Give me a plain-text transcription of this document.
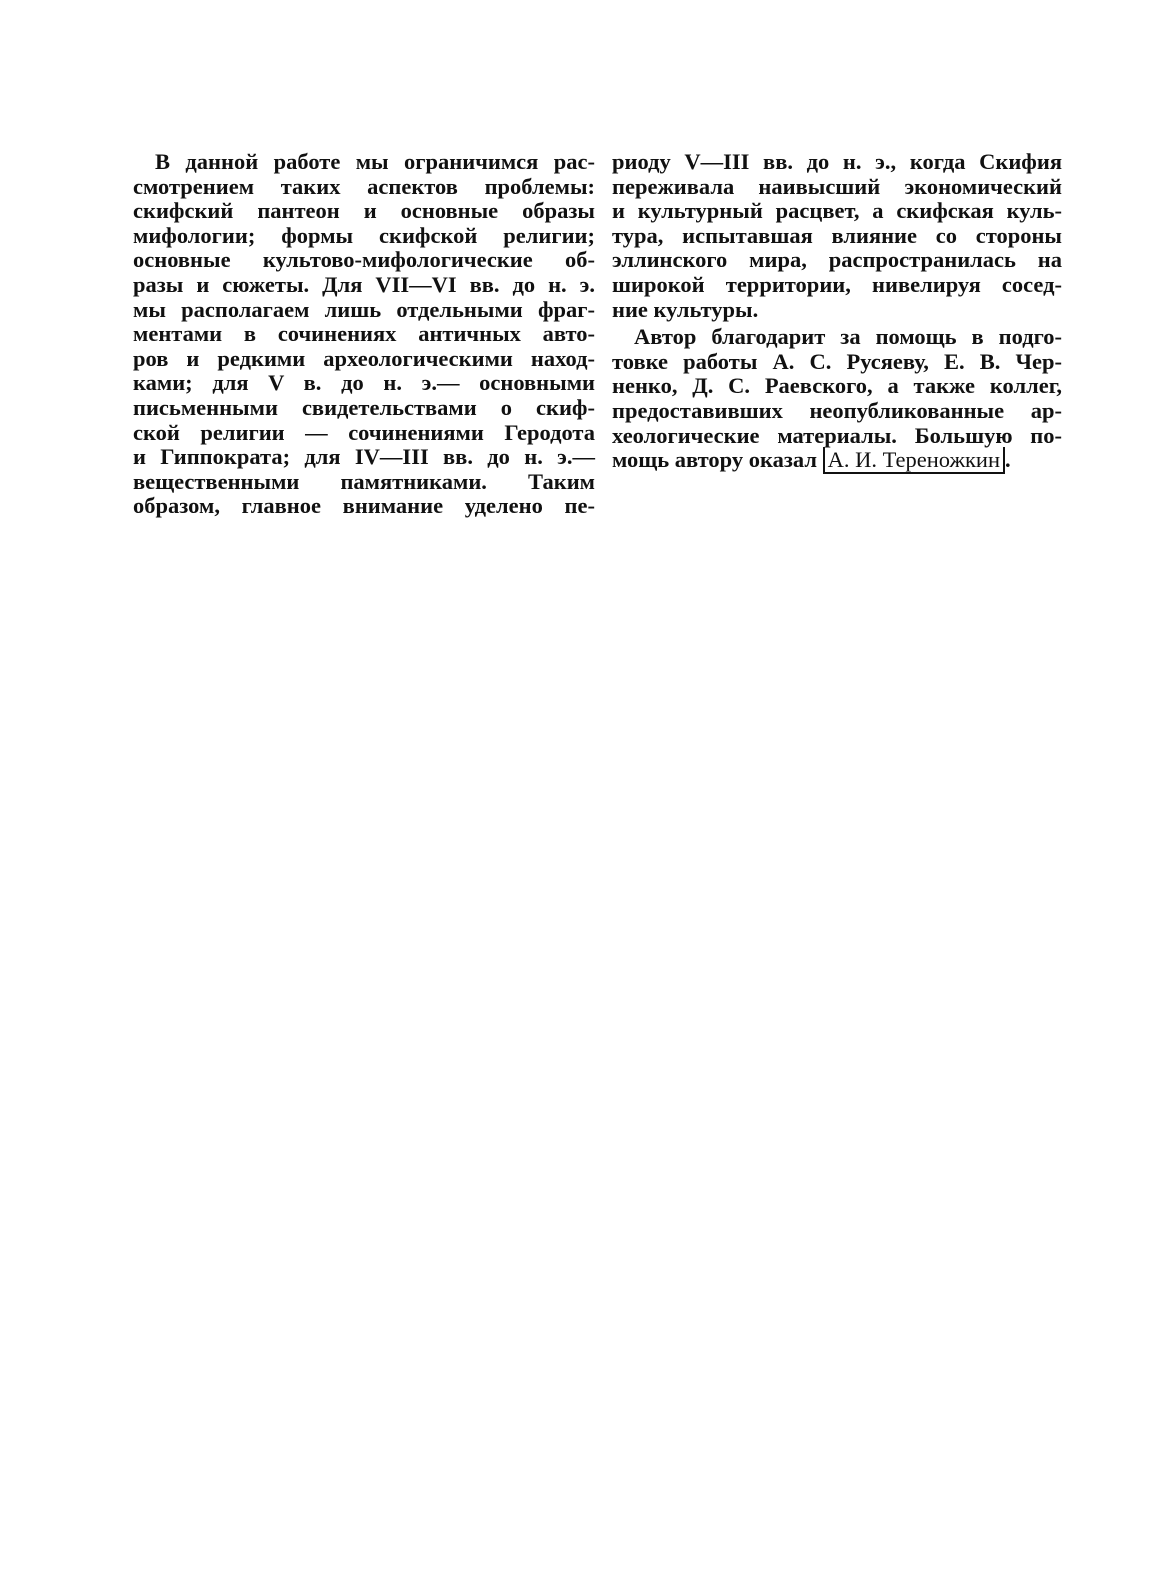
В данной работе мы ограничимся рас-
смотрением таких аспектов проблемы:
скифский пантеон и основные образы
мифологии; формы скифской религии;
основные культово-мифологические об-
разы и сюжеты. Для VII—VI вв. до н. э.
мы располагаем лишь отдельными фраг-
ментами в сочинениях античных авто-
ров и редкими археологическими наход-
ками; для V в. до н. э.— основными
письменными свидетельствами о скиф-
ской религии — сочинениями Геродота
и Гиппократа; для IV—III вв. до н. э.—
вещественными памятниками. Таким
образом, главное внимание уделено пе-
риоду V—III вв. до н. э., когда Скифия
переживала наивысший экономический
и культурный расцвет, а скифская куль-
тура, испытавшая влияние со стороны
эллинского мира, распространилась на
широкой территории, нивелируя сосед-
ние культуры.
Автор благодарит за помощь в подго-
товке работы А. С. Русяеву, Е. В. Чер-
ненко, Д. С. Раевского, а также коллег,
предоставивших неопубликованные ар-
хеологические материалы. Большую по-
мощь автору оказал А. И. Тереножкин .
